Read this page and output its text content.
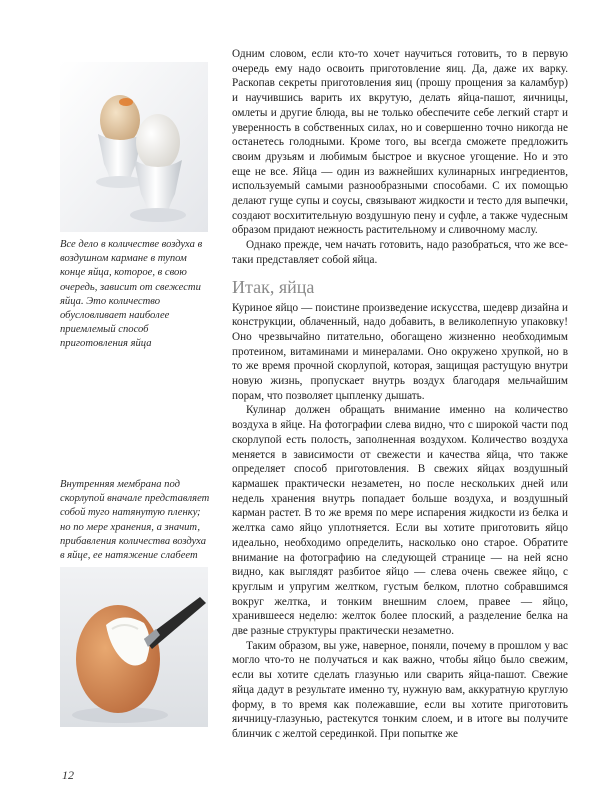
Все дело в количестве воздуха в воздушном кармане в тупом конце яйца, которое, в свою очередь, зависит от свежести яйца. Это количество обусловливает наиболее приемлемый способ приготовления яйца

Внутренняя мембрана под скорлупой вначале представляет собой туго натянутую пленку; но по мере хранения, а значит, прибавления количества воздуха в яйце, ее натяжение слабеет

Одним словом, если кто-то хочет научиться готовить, то в первую очередь ему надо освоить приготовление яиц. Да, даже их варку. Раскопав секреты приготовления яиц (прошу прощения за каламбур) и научившись варить их вкрутую, делать яйца-пашот, яичницы, омлеты и другие блюда, вы не только обеспечите себе легкий старт и уверенность в собственных силах, но и совершенно точно никогда не останетесь голодными. Кроме того, вы всегда сможете предложить своим друзьям и любимым быстрое и вкусное угощение. Но и это еще не все. Яйца — один из важнейших кулинарных ингредиентов, используемый самыми разнообразными способами. С их помощью делают гуще супы и соусы, связывают жидкости и тесто для выпечки, создают восхитительную воздушную пену и суфле, а также чудесным образом придают нежность растительному и сливочному маслу.

Однако прежде, чем начать готовить, надо разобраться, что же все-таки представляет собой яйца.

Итак, яйца

Куриное яйцо — поистине произведение искусства, шедевр дизайна и конструкции, облаченный, надо добавить, в великолепную упаковку! Оно чрезвычайно питательно, обогащено жизненно необходимым протеином, витаминами и минералами. Оно окружено хрупкой, но в то же время прочной скорлупой, которая, защищая растущую внутри новую жизнь, пропускает внутрь воздух благодаря мельчайшим порам, что позволяет цыпленку дышать.

Кулинар должен обращать внимание именно на количество воздуха в яйце. На фотографии слева видно, что с широкой части под скорлупой есть полость, заполненная воздухом. Количество воздуха меняется в зависимости от свежести и качества яйца, что также определяет способ приготовления. В свежих яйцах воздушный кармашек практически незаметен, но после нескольких дней или недель хранения внутрь попадает больше воздуха, и воздушный карман растет. В то же время по мере испарения жидкости из белка и желтка само яйцо уплотняется. Если вы хотите приготовить яйцо идеально, необходимо определить, насколько оно старое. Обратите внимание на фотографию на следующей странице — на ней ясно видно, как выглядят разбитое яйцо — слева очень свежее яйцо, с круглым и упругим желтком, густым белком, плотно собравшимся вокруг желтка, и тонким внешним слоем, правее — яйцо, хранившееся неделю: желток более плоский, а разделение белка на две разные структуры практически незаметно.

Таким образом, вы уже, наверное, поняли, почему в прошлом у вас могло что-то не получаться и как важно, чтобы яйцо было свежим, если вы хотите сделать глазунью или сварить яйца-пашот. Свежие яйца дадут в результате именно ту, нужную вам, аккуратную круглую форму, в то время как полежавшие, если вы хотите приготовить яичницу-глазунью, растекутся тонким слоем, и в итоге вы получите блинчик с желтой серединкой. При попытке же

12
